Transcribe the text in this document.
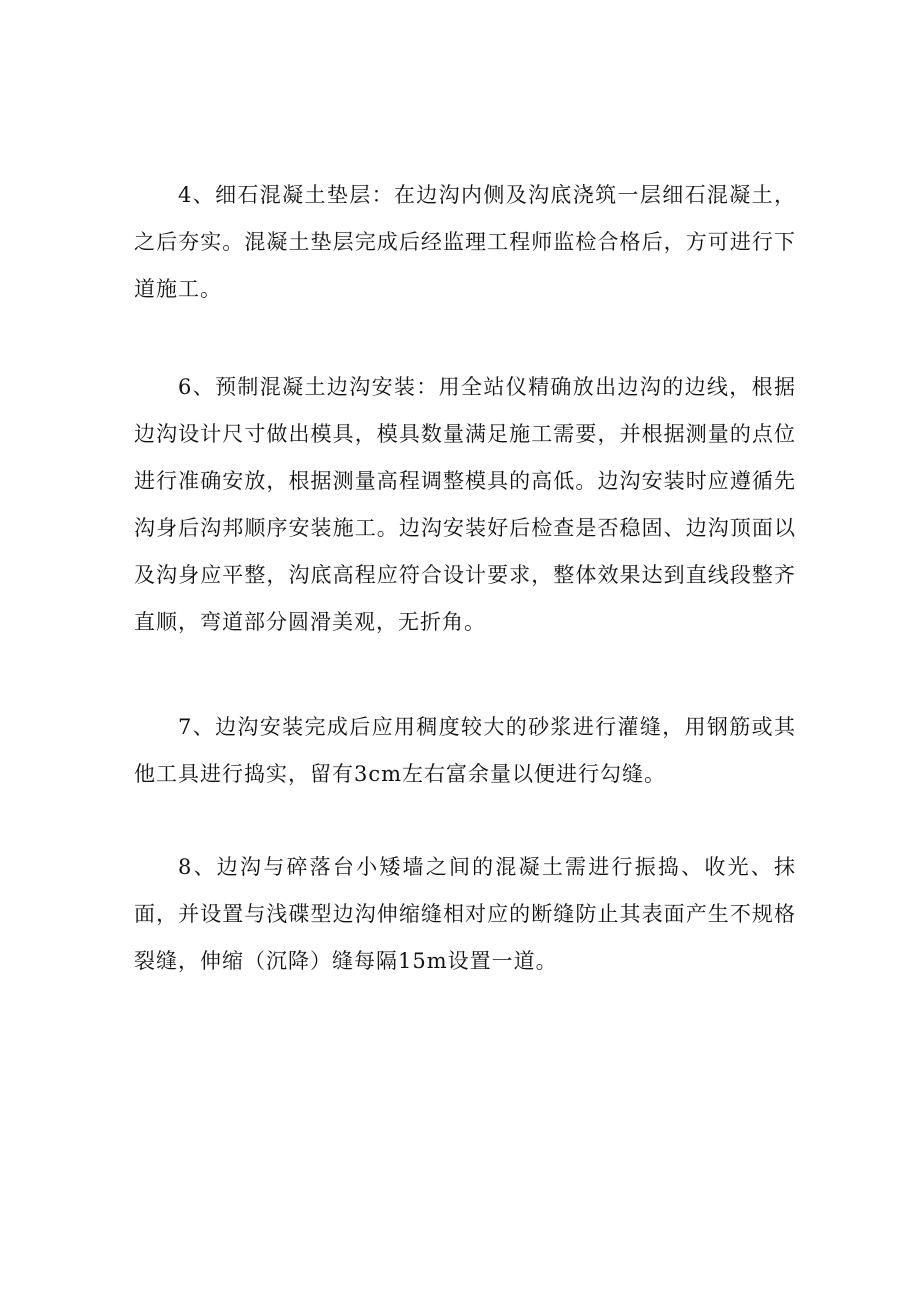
4、细石混凝土垫层：在边沟内侧及沟底浇筑一层细石混凝土，之后夯实。混凝土垫层完成后经监理工程师监检合格后，方可进行下道施工。

6、预制混凝土边沟安装：用全站仪精确放出边沟的边线，根据边沟设计尺寸做出模具，模具数量满足施工需要，并根据测量的点位进行准确安放，根据测量高程调整模具的高低。边沟安装时应遵循先沟身后沟邦顺序安装施工。边沟安装好后检查是否稳固、边沟顶面以及沟身应平整，沟底高程应符合设计要求，整体效果达到直线段整齐直顺，弯道部分圆滑美观，无折角。

7、边沟安装完成后应用稠度较大的砂浆进行灌缝，用钢筋或其他工具进行捣实，留有3cm左右富余量以便进行勾缝。

8、边沟与碎落台小矮墙之间的混凝土需进行振捣、收光、抹面，并设置与浅碟型边沟伸缩缝相对应的断缝防止其表面产生不规格裂缝，伸缩（沉降）缝每隔15m设置一道。
